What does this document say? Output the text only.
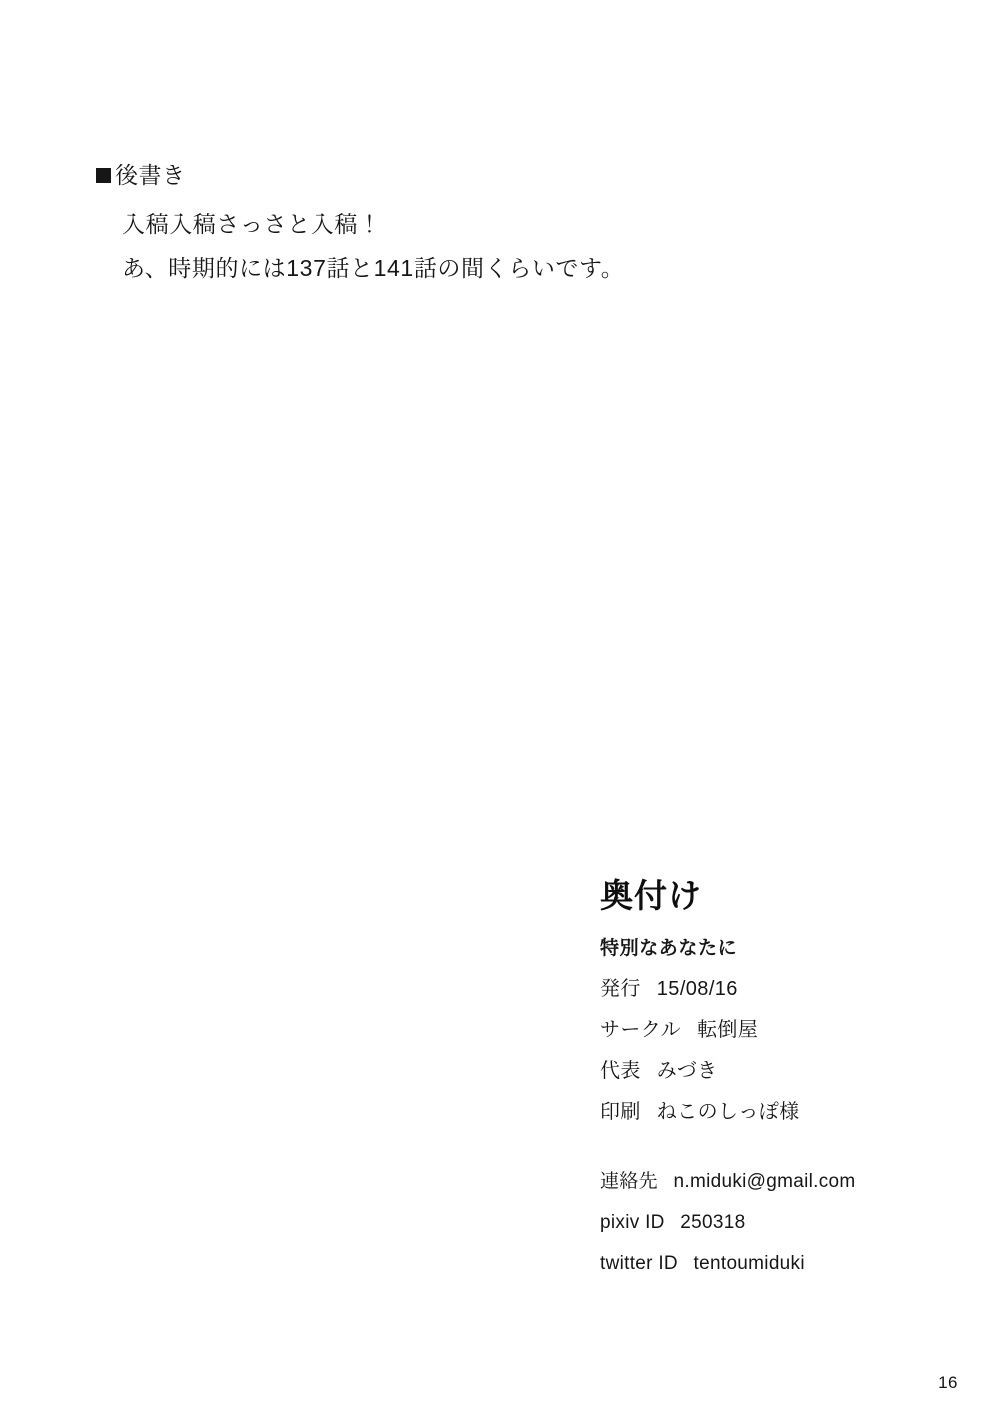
後書き

入稿入稿さっさと入稿！

あ、時期的には137話と141話の間くらいです。

奥付け

特別なあなたに

発行 15/08/16

サークル 転倒屋

代表 みづき

印刷 ねこのしっぽ様

連絡先 n.miduki@gmail.com

pixiv ID 250318

twitter ID tentoumiduki

16
